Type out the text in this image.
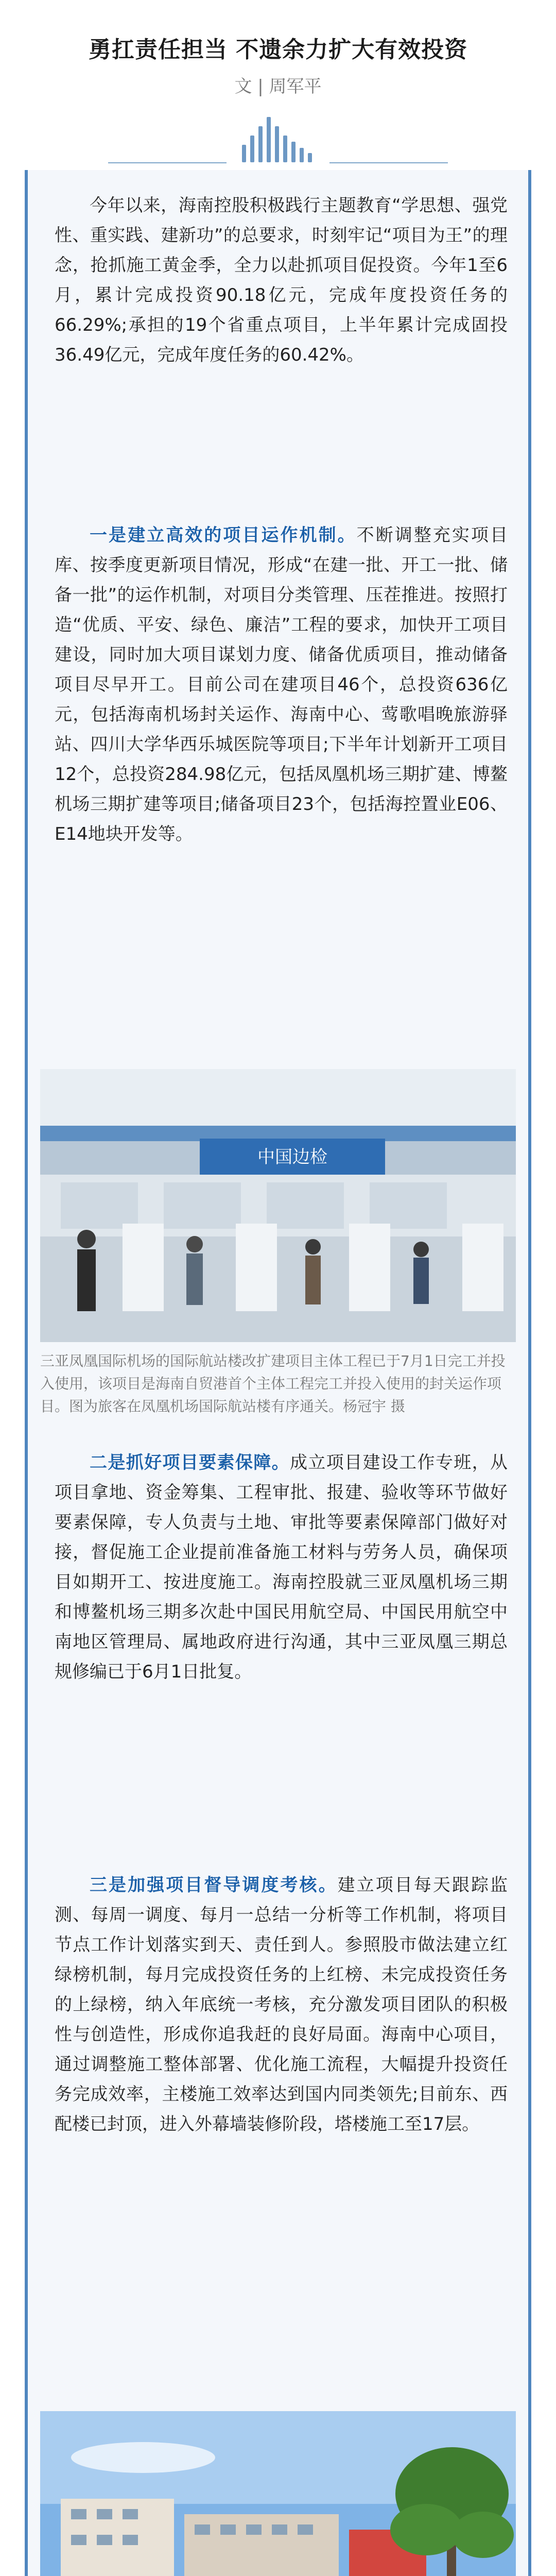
勇扛责任担当 不遗余力扩大有效投资
文 | 周军平
今年以来，海南控股积极践行主题教育“学思想、强党性、重实践、建新功”的总要求，时刻牢记“项目为王”的理念，抢抓施工黄金季，全力以赴抓项目促投资。今年1至6月，累计完成投资90.18亿元，完成年度投资任务的66.29%;承担的19个省重点项目，上半年累计完成固投36.49亿元，完成年度任务的60.42%。
一是建立高效的项目运作机制。不断调整充实项目库、按季度更新项目情况，形成“在建一批、开工一批、储备一批”的运作机制，对项目分类管理、压茬推进。按照打造“优质、平安、绿色、廉洁”工程的要求，加快开工项目建设，同时加大项目谋划力度、储备优质项目，推动储备项目尽早开工。目前公司在建项目46个，总投资636亿元，包括海南机场封关运作、海南中心、莺歌唱晚旅游驿站、四川大学华西乐城医院等项目;下半年计划新开工项目12个，总投资284.98亿元，包括凤凰机场三期扩建、博鳌机场三期扩建等项目;储备项目23个，包括海控置业E06、E14地块开发等。
中国边检
三亚凤凰国际机场的国际航站楼改扩建项目主体工程已于7月1日完工并投入使用，该项目是海南自贸港首个主体工程完工并投入使用的封关运作项目。图为旅客在凤凰机场国际航站楼有序通关。杨冠宇 摄
二是抓好项目要素保障。成立项目建设工作专班，从项目拿地、资金筹集、工程审批、报建、验收等环节做好要素保障，专人负责与土地、审批等要素保障部门做好对接，督促施工企业提前准备施工材料与劳务人员，确保项目如期开工、按进度施工。海南控股就三亚凤凰机场三期和博鳌机场三期多次赴中国民用航空局、中国民用航空中南地区管理局、属地政府进行沟通，其中三亚凤凰三期总规修编已于6月1日批复。
三是加强项目督导调度考核。建立项目每天跟踪监测、每周一调度、每月一总结一分析等工作机制，将项目节点工作计划落实到天、责任到人。参照股市做法建立红绿榜机制，每月完成投资任务的上红榜、未完成投资任务的上绿榜，纳入年底统一考核，充分激发项目团队的积极性与创造性，形成你追我赶的良好局面。海南中心项目，通过调整施工整体部署、优化施工流程，大幅提升投资任务完成效率，主楼施工效率达到国内同类领先;目前东、西配楼已封顶，进入外幕墙装修阶段，塔楼施工至17层。
